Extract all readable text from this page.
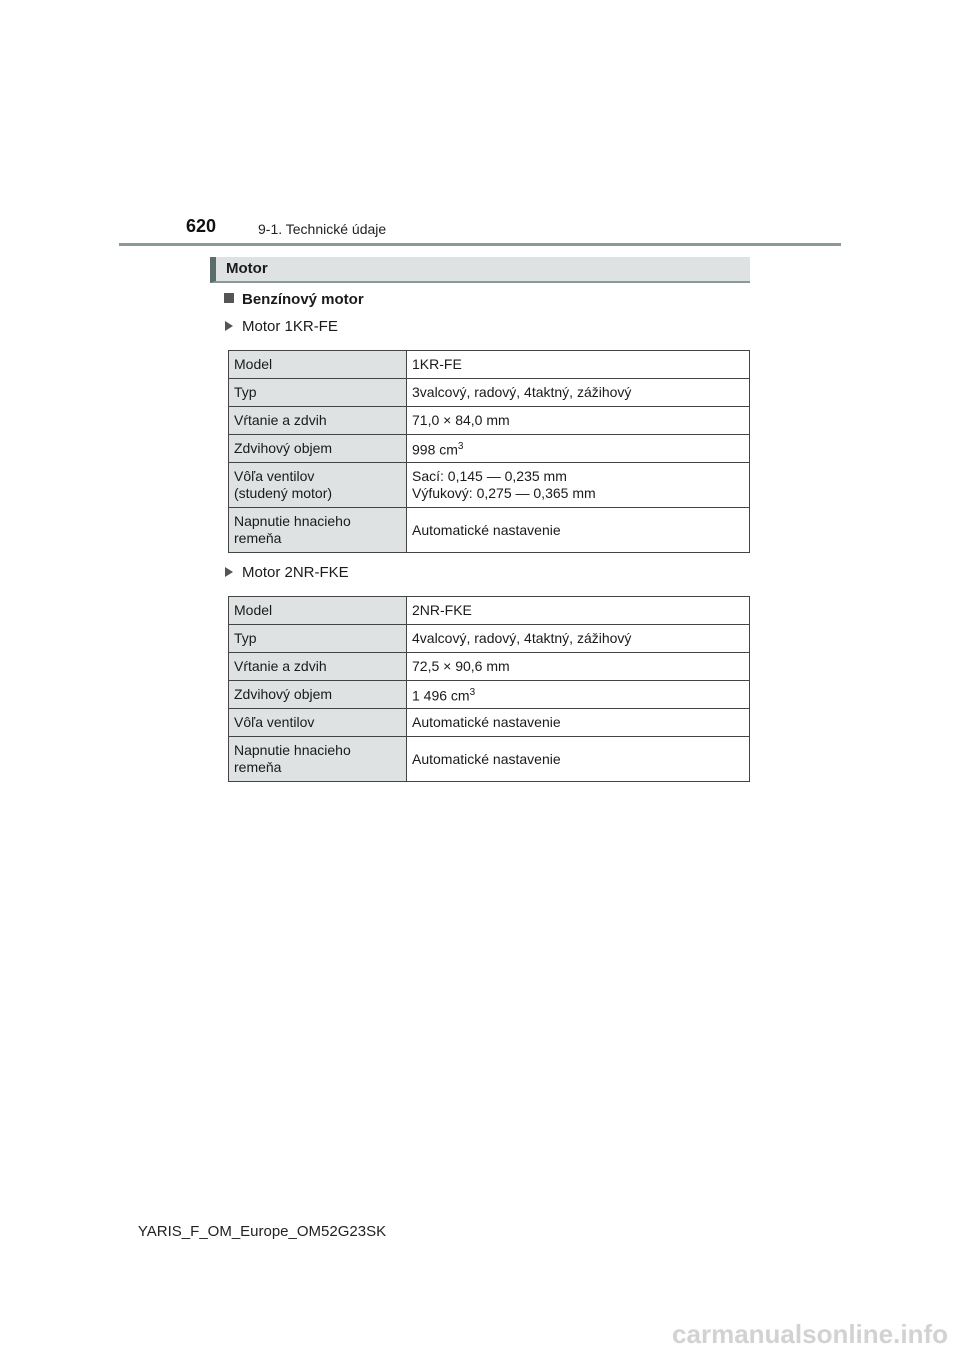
620	9-1. Technické údaje
Motor
Benzínový motor
Motor 1KR-FE
Model	1KR-FE
Typ	3valcový, radový, 4taktný, zážihový
Vŕtanie a zdvih	71,0 × 84,0 mm
Zdvihový objem	998 $cm^3$
Vôľa ventilov
(studený motor)	Sací: 0,145 — 0,235 mm
Výfukový: 0,275 — 0,365 mm
Napnutie hnacieho
remeňa	Automatické nastavenie
Motor 2NR-FKE
Model	2NR-FKE
Typ	4valcový, radový, 4taktný, zážihový
Vŕtanie a zdvih	72,5 × 90,6 mm
Zdvihový objem	1 496 $cm^3$
Vôľa ventilov	Automatické nastavenie
Napnutie hnacieho
remeňa	Automatické nastavenie
YARIS_F_OM_Europe_OM52G23SK
carmanualsonline.info
